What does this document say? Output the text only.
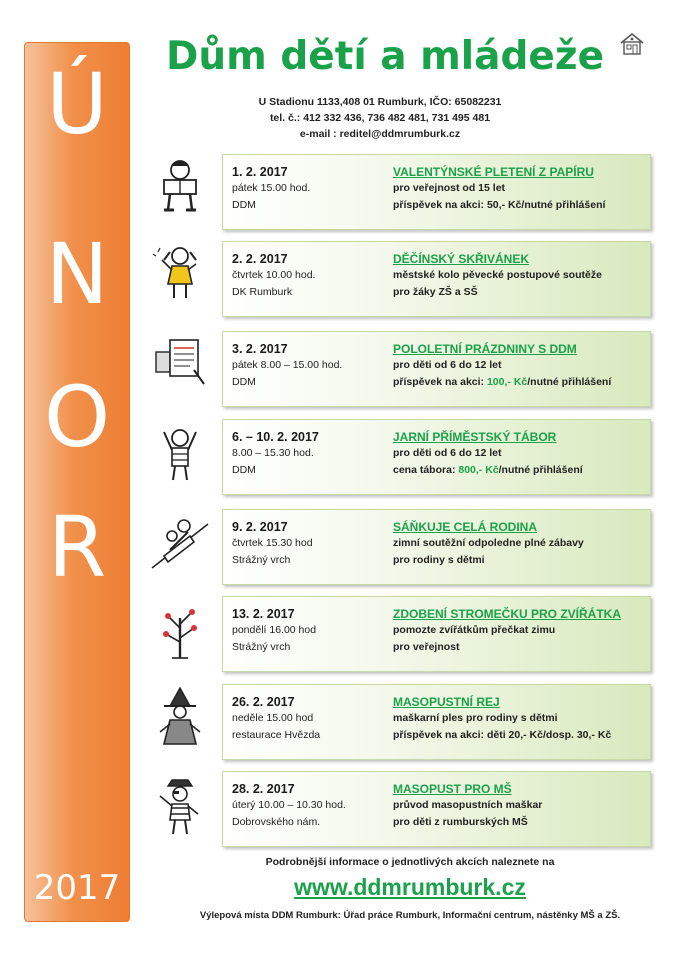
Ú
N
O
R
2017
Dům dětí a mládeže
U Stadionu 1133,408 01 Rumburk, IČO: 65082231
tel. č.: 412 332 436, 736 482 481, 731 495 481
e-mail : reditel@ddmrumburk.cz
1. 2. 2017
pátek 15.00 hod.
DDM
VALENTÝNSKÉ PLETENÍ Z PAPÍRU
pro veřejnost od 15 let
příspěvek na akci: 50,- Kč/nutné přihlášení
2. 2. 2017
čtvrtek 10.00 hod.
DK Rumburk
DĚČÍNSKÝ SKŘIVÁNEK
městské kolo pěvecké postupové soutěže
pro žáky ZŠ a SŠ
3. 2. 2017
pátek 8.00 – 15.00 hod.
DDM
POLOLETNÍ PRÁZDNINY S DDM
pro děti od 6 do 12 let
příspěvek na akci: 100,- Kč/nutné přihlášení
6. – 10. 2. 2017
8.00 – 15.30 hod.
DDM
JARNÍ PŘÍMĚSTSKÝ TÁBOR
pro děti od 6 do 12 let
cena tábora: 800,- Kč/nutné přihlášení
9. 2. 2017
čtvrtek 15.30 hod
Strážný vrch
SÁŇKUJE CELÁ RODINA
zimní soutěžní odpoledne plné zábavy
pro rodiny s dětmi
13. 2. 2017
pondělí 16.00 hod
Strážný vrch
ZDOBENÍ STROMEČKU PRO ZVÍŘÁTKA
pomozte zvířátkům přečkat zimu
pro veřejnost
26. 2. 2017
neděle 15.00 hod
restaurace Hvězda
MASOPUSTNÍ REJ
maškarní ples pro rodiny s dětmi
příspěvek na akci: děti 20,- Kč/dosp. 30,- Kč
28. 2. 2017
úterý 10.00 – 10.30 hod.
Dobrovského nám.
MASOPUST PRO MŠ
průvod masopustních maškar
pro děti z rumburských MŠ
Podrobnější informace o jednotlivých akcích naleznete na
www.ddmrumburk.cz
Výlepová místa DDM Rumburk: Úřad práce Rumburk, Informační centrum, nástěnky MŠ a ZŠ.
